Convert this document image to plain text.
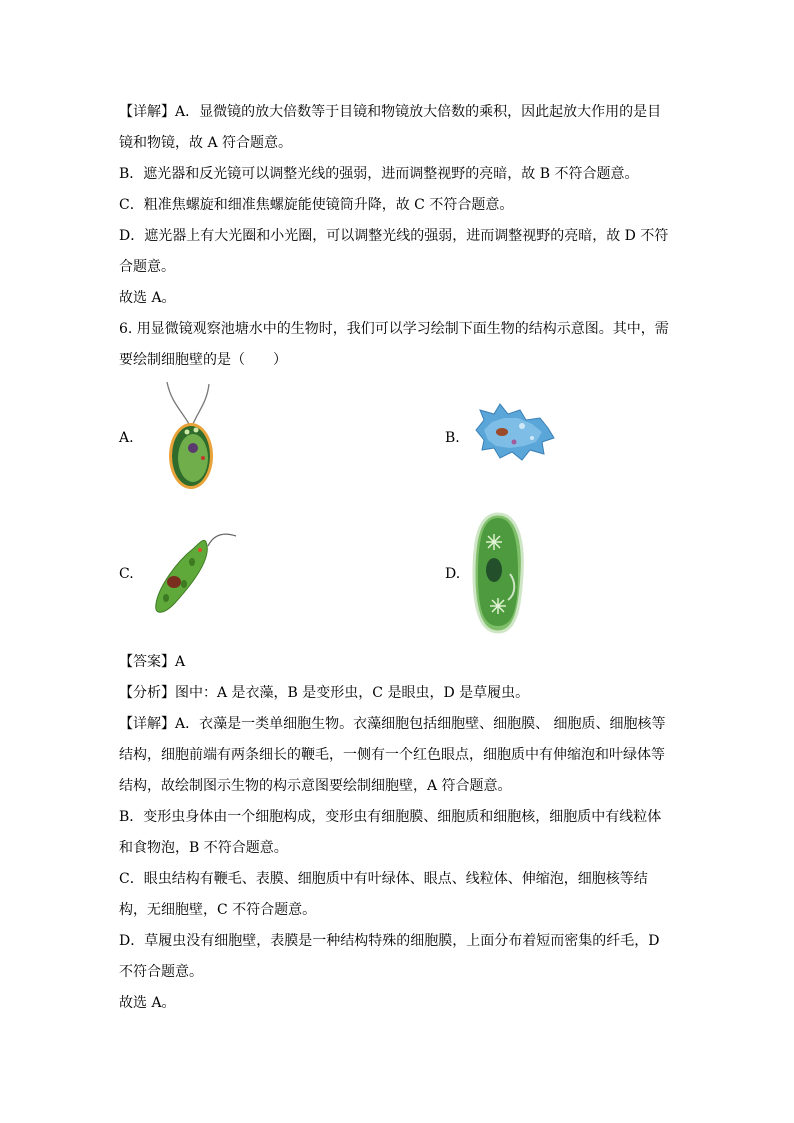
【详解】A．显微镜的放大倍数等于目镜和物镜放大倍数的乘积，因此起放大作用的是目
镜和物镜，故 A 符合题意。
B．遮光器和反光镜可以调整光线的强弱，进而调整视野的亮暗，故 B 不符合题意。
C．粗准焦螺旋和细准焦螺旋能使镜筒升降，故 C 不符合题意。
D．遮光器上有大光圈和小光圈，可以调整光线的强弱，进而调整视野的亮暗，故 D 不符
合题意。
故选 A。
6. 用显微镜观察池塘水中的生物时，我们可以学习绘制下面生物的结构示意图。其中，需
要绘制细胞壁的是（　　）
A.	B.
C.	D.
【答案】A
【分析】图中：A 是衣藻，B 是变形虫，C 是眼虫，D 是草履虫。
【详解】A．衣藻是一类单细胞生物。衣藻细胞包括细胞壁、细胞膜、 细胞质、细胞核等
结构，细胞前端有两条细长的鞭毛，一侧有一个红色眼点，细胞质中有伸缩泡和叶绿体等
结构，故绘制图示生物的构示意图要绘制细胞壁，A 符合题意。
B．变形虫身体由一个细胞构成，变形虫有细胞膜、细胞质和细胞核，细胞质中有线粒体
和食物泡，B 不符合题意。
C．眼虫结构有鞭毛、表膜、细胞质中有叶绿体、眼点、线粒体、伸缩泡，细胞核等结
构，无细胞壁，C 不符合题意。
D．草履虫没有细胞壁，表膜是一种结构特殊的细胞膜，上面分布着短而密集的纤毛，D
不符合题意。
故选 A。
